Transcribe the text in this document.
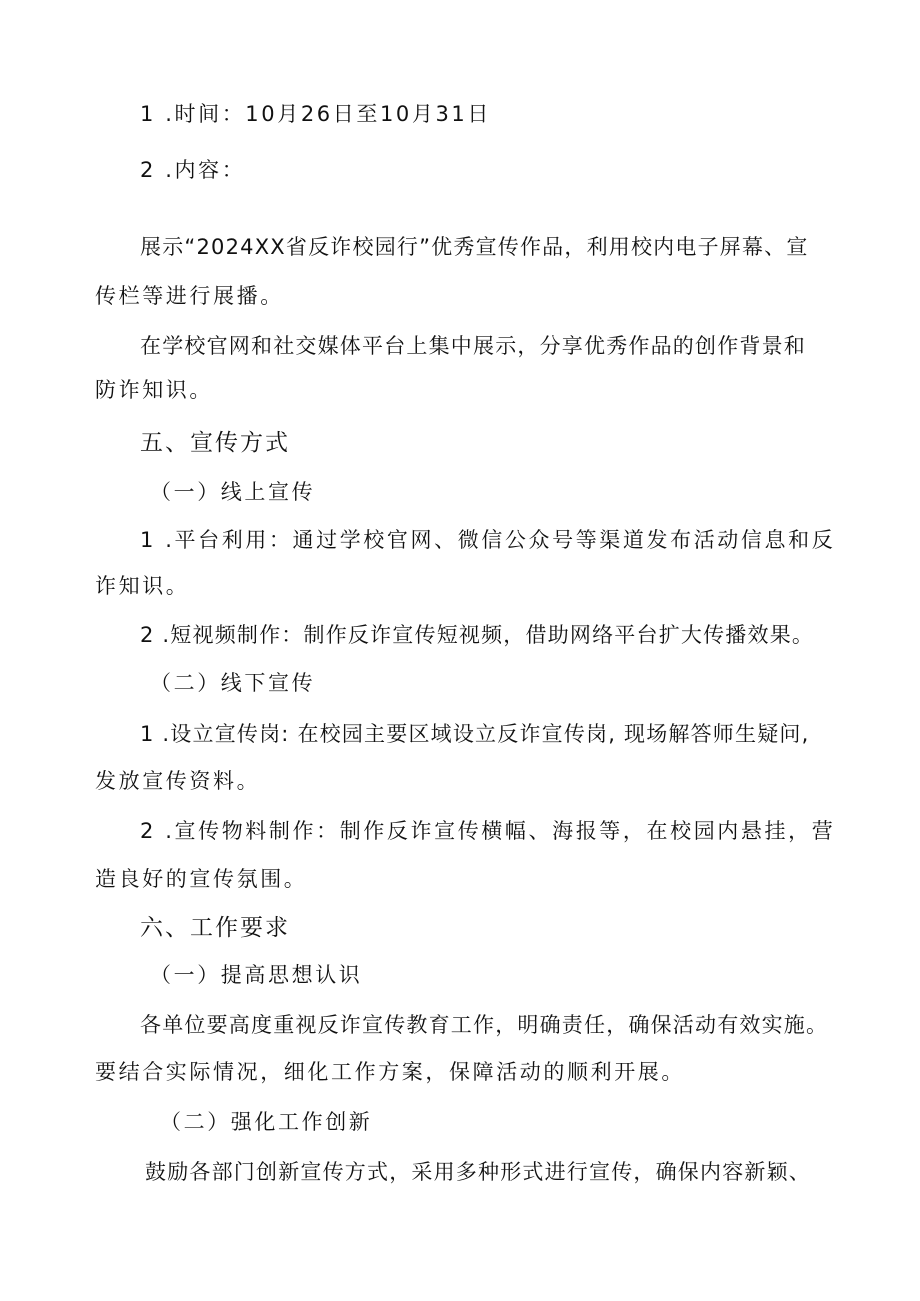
1 .时间：10月26日至10月31日
2 .内容：
展示“2024XX省反诈校园行”优秀宣传作品，利用校内电子屏幕、宣
传栏等进行展播。
在学校官网和社交媒体平台上集中展示，分享优秀作品的创作背景和
防诈知识。
五、宣传方式
（一）线上宣传
1 .平台利用：通过学校官网、微信公众号等渠道发布活动信息和反
诈知识。
2 .短视频制作：制作反诈宣传短视频，借助网络平台扩大传播效果。
（二）线下宣传
1 .设立宣传岗: 在校园主要区域设立反诈宣传岗, 现场解答师生疑问,
发放宣传资料。
2 .宣传物料制作：制作反诈宣传横幅、海报等，在校园内悬挂，营
造良好的宣传氛围。
六、工作要求
（一）提高思想认识
各单位要高度重视反诈宣传教育工作，明确责任，确保活动有效实施。
要结合实际情况，细化工作方案，保障活动的顺利开展。
（二）强化工作创新
鼓励各部门创新宣传方式，采用多种形式进行宣传，确保内容新颖、
